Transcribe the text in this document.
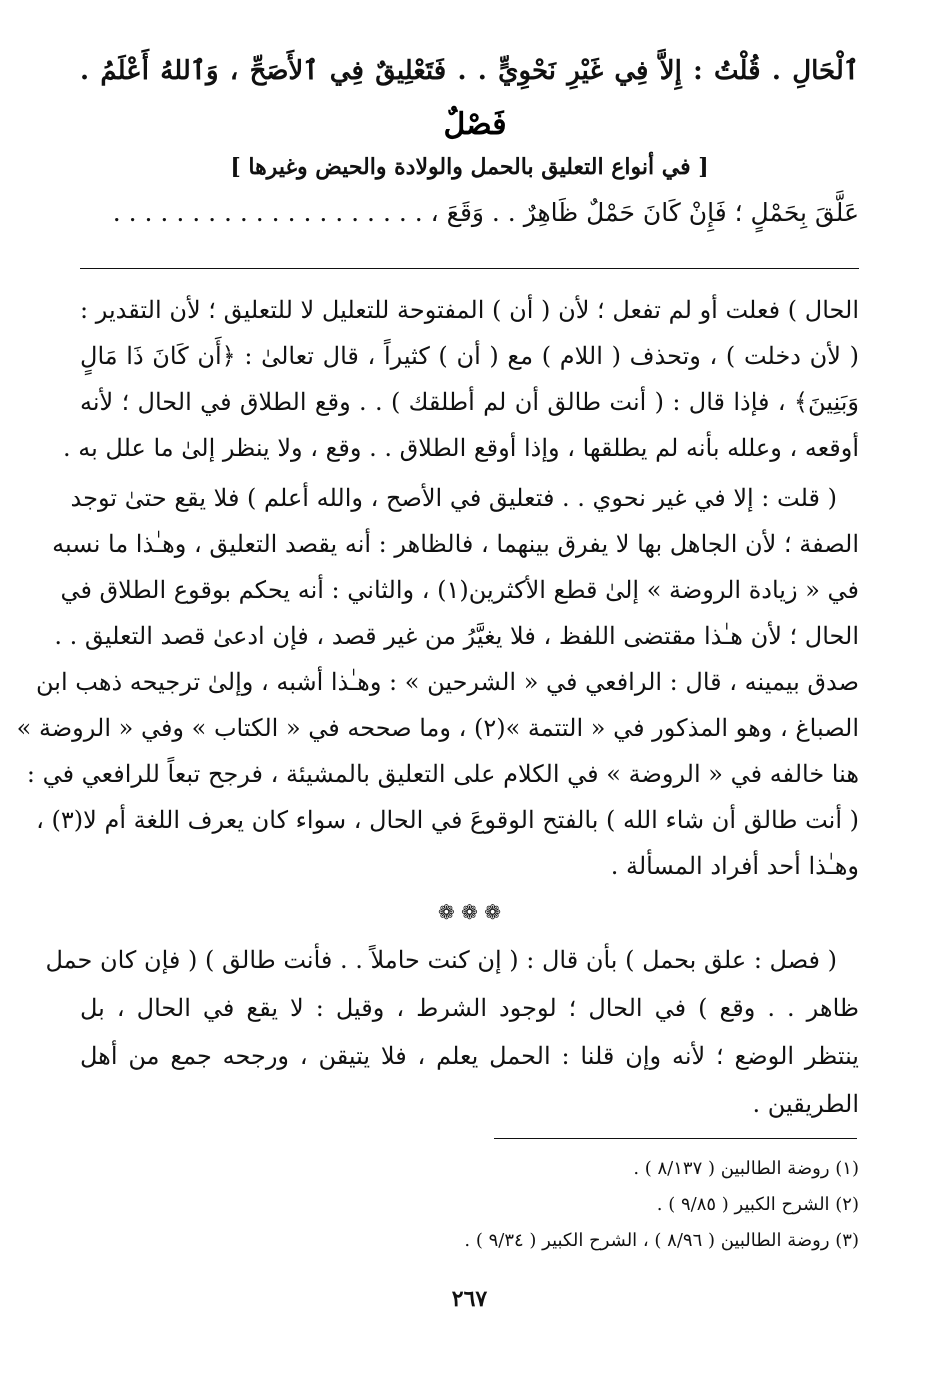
ٱلْحَالِ . قُلْتُ : إِلاَّ فِي غَيْرِ نَحْوِيٍّ . . فَتَعْلِيقٌ فِي ٱلأَصَحِّ ، وَٱللهُ أَعْلَمُ .
فَصْلٌ
[ في أنواع التعليق بالحمل والولادة والحيض وغيرها ]
عَلَّقَ بِحَمْلٍ ؛ فَإِنْ كَانَ حَمْلٌ ظَاهِرٌ . . وَقَعَ ، . . . . . . . . . . . . . . . . . . . .
الحال ) فعلت أو لم تفعل ؛ لأن ( أن ) المفتوحة للتعليل لا للتعليق ؛ لأن التقدير :
( لأن دخلت ) ، وتحذف ( اللام ) مع ( أن ) كثيراً ، قال تعالىٰ : ﴿أَن كَانَ ذَا مَالٍ
وَبَنِينَ﴾ ، فإذا قال : ( أنت طالق أن لم أطلقك ) . . وقع الطلاق في الحال ؛ لأنه
أوقعه ، وعلله بأنه لم يطلقها ، وإذا أوقع الطلاق . . وقع ، ولا ينظر إلىٰ ما علل به .
( قلت : إلا في غير نحوي . . فتعليق في الأصح ، والله أعلم ) فلا يقع حتىٰ توجد
الصفة ؛ لأن الجاهل بها لا يفرق بينهما ، فالظاهر : أنه يقصد التعليق ، وهـٰذا ما نسبه
في « زيادة الروضة » إلىٰ قطع الأكثرين(١) ، والثاني : أنه يحكم بوقوع الطلاق في
الحال ؛ لأن هـٰذا مقتضى اللفظ ، فلا يغيَّرُ من غير قصد ، فإن ادعىٰ قصد التعليق . .
صدق بيمينه ، قال : الرافعي في « الشرحين » : وهـٰذا أشبه ، وإلىٰ ترجيحه ذهب ابن
الصباغ ، وهو المذكور في « التتمة »(٢) ، وما صححه في « الكتاب » وفي « الروضة »
هنا خالفه في « الروضة » في الكلام على التعليق بالمشيئة ، فرجح تبعاً للرافعي في :
( أنت طالق أن شاء الله ) بالفتح الوقوعَ في الحال ، سواء كان يعرف اللغة أم لا(٣) ،
وهـٰذا أحد أفراد المسألة .
❁ ❁ ❁
( فصل : علق بحمل ) بأن قال : ( إن كنت حاملاً . . فأنت طالق ) ( فإن كان حمل
ظاهر . . وقع ) في الحال ؛ لوجود الشرط ، وقيل : لا يقع في الحال ، بل
ينتظر الوضع ؛ لأنه وإن قلنا : الحمل يعلم ، فلا يتيقن ، ورجحه جمع من أهل
الطريقين .
(١) روضة الطالبين ( ٨/١٣٧ ) .
(٢) الشرح الكبير ( ٩/٨٥ ) .
(٣) روضة الطالبين ( ٨/٩٦ ) ، الشرح الكبير ( ٩/٣٤ ) .
٢٦٧
